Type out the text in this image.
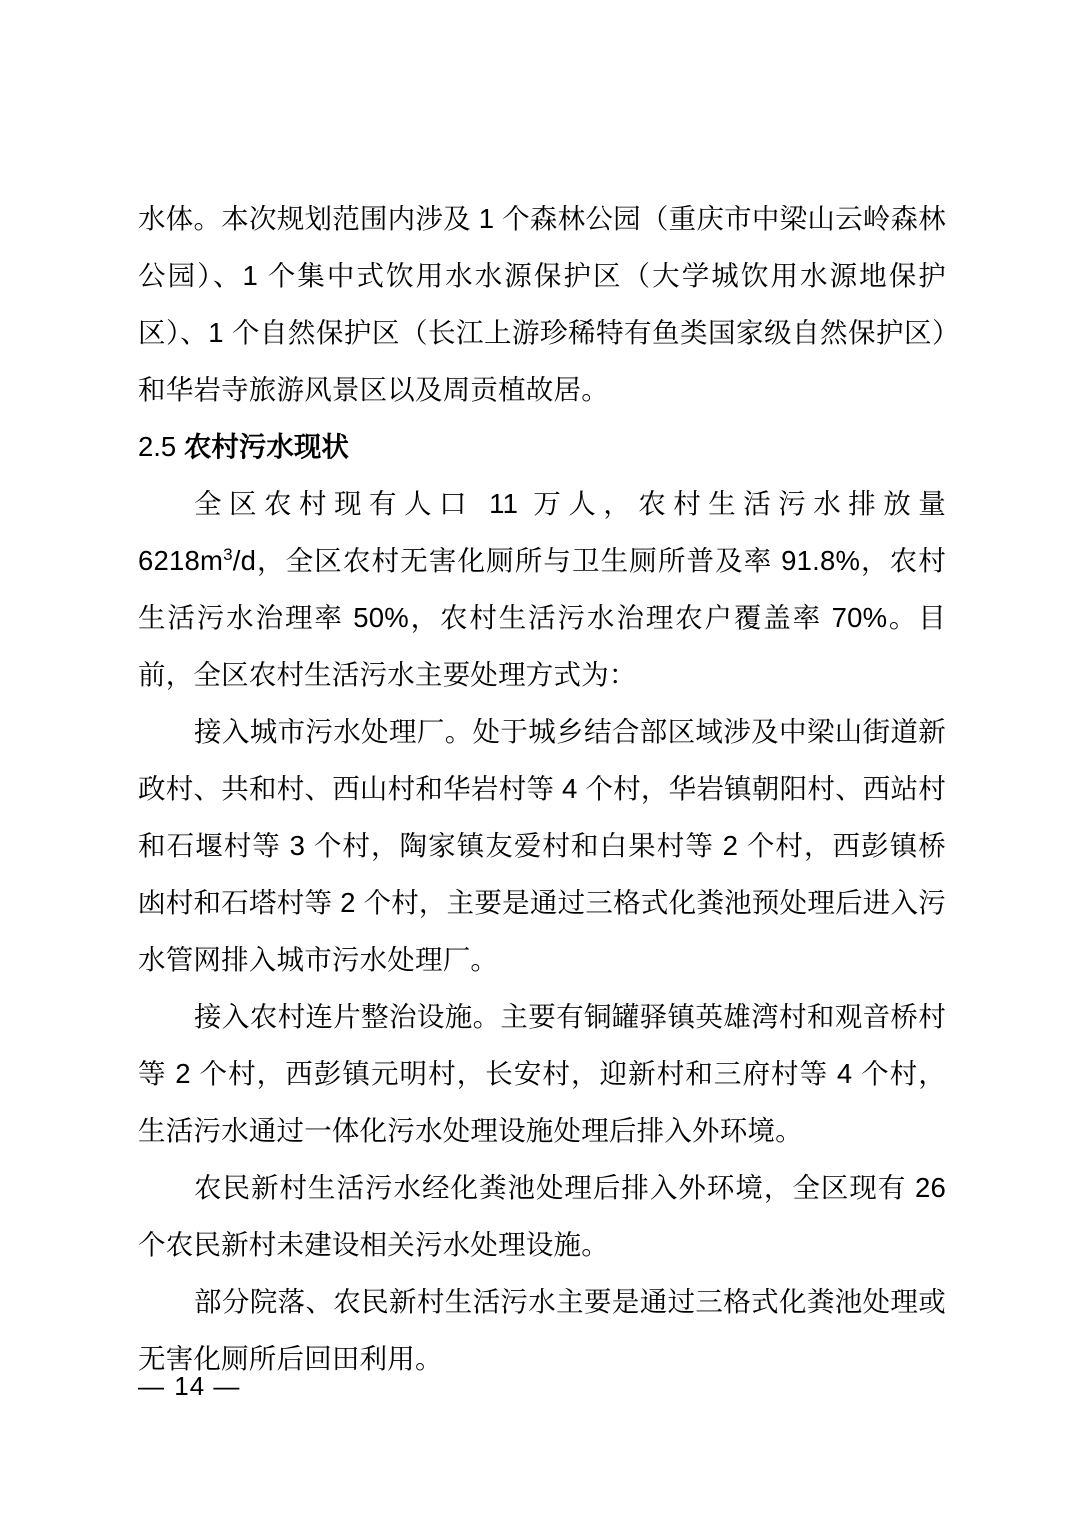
水体。本次规划范围内涉及 1 个森林公园（重庆市中梁山云岭森林公园）、1 个集中式饮用水水源保护区（大学城饮用水源地保护区）、1 个自然保护区（长江上游珍稀特有鱼类国家级自然保护区）和华岩寺旅游风景区以及周贡植故居。

2.5 农村污水现状

全区农村现有人口 11 万人，农村生活污水排放量 $6218m^3/d$，全区农村无害化厕所与卫生厕所普及率 91.8%，农村生活污水治理率 50%，农村生活污水治理农户覆盖率 70%。目前，全区农村生活污水主要处理方式为：

接入城市污水处理厂。处于城乡结合部区域涉及中梁山街道新政村、共和村、西山村和华岩村等 4 个村，华岩镇朝阳村、西站村和石堰村等 3 个村，陶家镇友爱村和白果村等 2 个村，西彭镇桥凼村和石塔村等 2 个村，主要是通过三格式化粪池预处理后进入污水管网排入城市污水处理厂。

接入农村连片整治设施。主要有铜罐驿镇英雄湾村和观音桥村等 2 个村，西彭镇元明村，长安村，迎新村和三府村等 4 个村，生活污水通过一体化污水处理设施处理后排入外环境。

农民新村生活污水经化粪池处理后排入外环境，全区现有 26 个农民新村未建设相关污水处理设施。

部分院落、农民新村生活污水主要是通过三格式化粪池处理或无害化厕所后回田利用。

— 14 —
